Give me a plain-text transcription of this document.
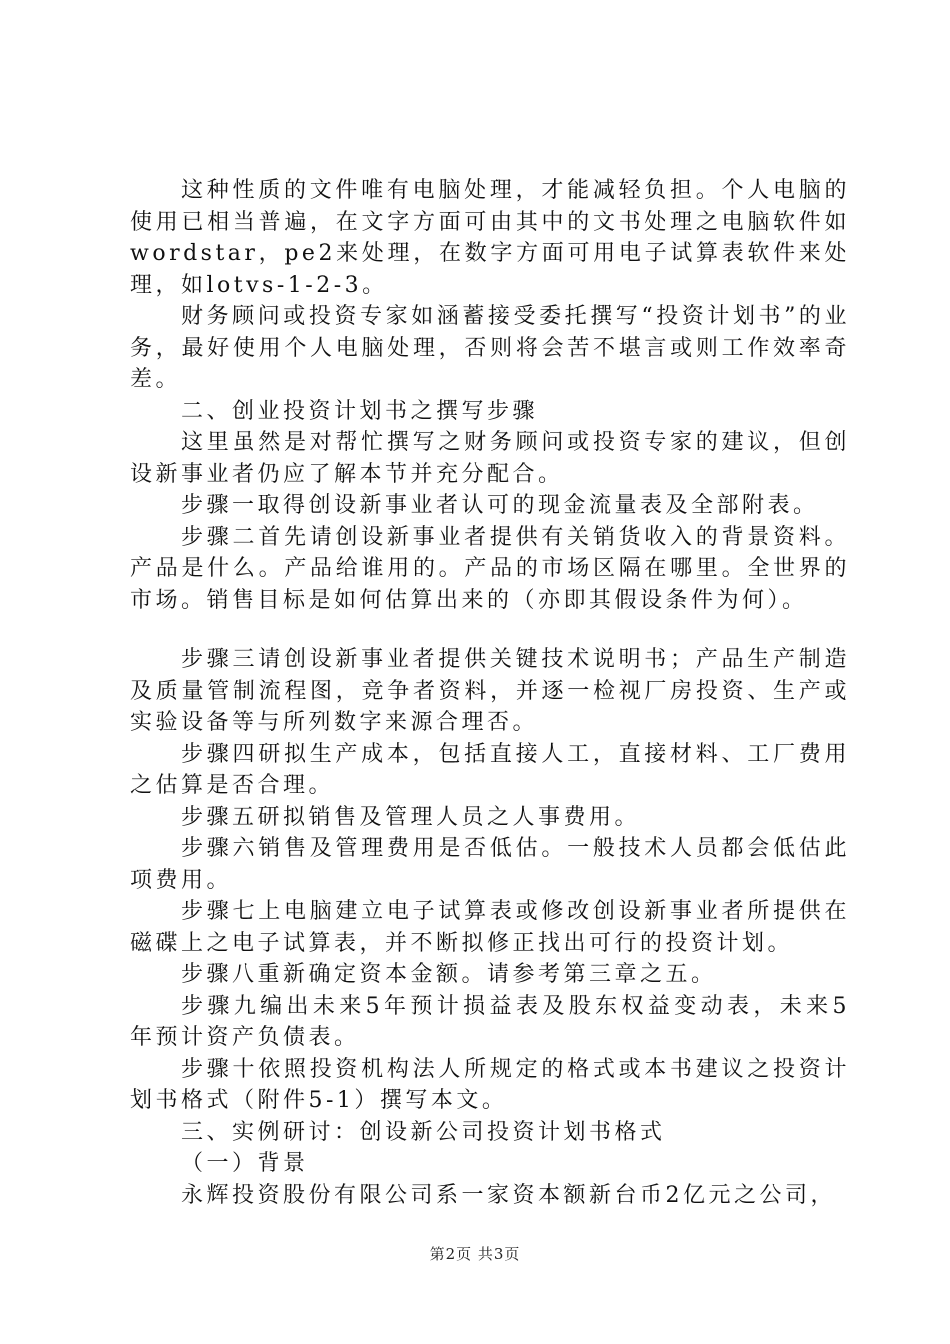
这种性质的文件唯有电脑处理，才能减轻负担。个人电脑的使用已相当普遍，在文字方面可由其中的文书处理之电脑软件如wordstar，pe2来处理，在数字方面可用电子试算表软件来处理，如lotvs-1-2-3。

财务顾问或投资专家如涵蓄接受委托撰写“投资计划书”的业务，最好使用个人电脑处理，否则将会苦不堪言或则工作效率奇差。

二、创业投资计划书之撰写步骤

这里虽然是对帮忙撰写之财务顾问或投资专家的建议，但创设新事业者仍应了解本节并充分配合。

步骤一取得创设新事业者认可的现金流量表及全部附表。

步骤二首先请创设新事业者提供有关销货收入的背景资料。产品是什么。产品给谁用的。产品的市场区隔在哪里。全世界的市场。销售目标是如何估算出来的（亦即其假设条件为何）。

步骤三请创设新事业者提供关键技术说明书；产品生产制造及质量管制流程图，竞争者资料，并逐一检视厂房投资、生产或实验设备等与所列数字来源合理否。

步骤四研拟生产成本，包括直接人工，直接材料、工厂费用之估算是否合理。

步骤五研拟销售及管理人员之人事费用。

步骤六销售及管理费用是否低估。一般技术人员都会低估此项费用。

步骤七上电脑建立电子试算表或修改创设新事业者所提供在磁碟上之电子试算表，并不断拟修正找出可行的投资计划。

步骤八重新确定资本金额。请参考第三章之五。

步骤九编出未来5年预计损益表及股东权益变动表，未来5年预计资产负债表。

步骤十依照投资机构法人所规定的格式或本书建议之投资计划书格式（附件5-1）撰写本文。

三、实例研讨：创设新公司投资计划书格式

（一）背景

永辉投资股份有限公司系一家资本额新台币2亿元之公司，

第2页 共3页
